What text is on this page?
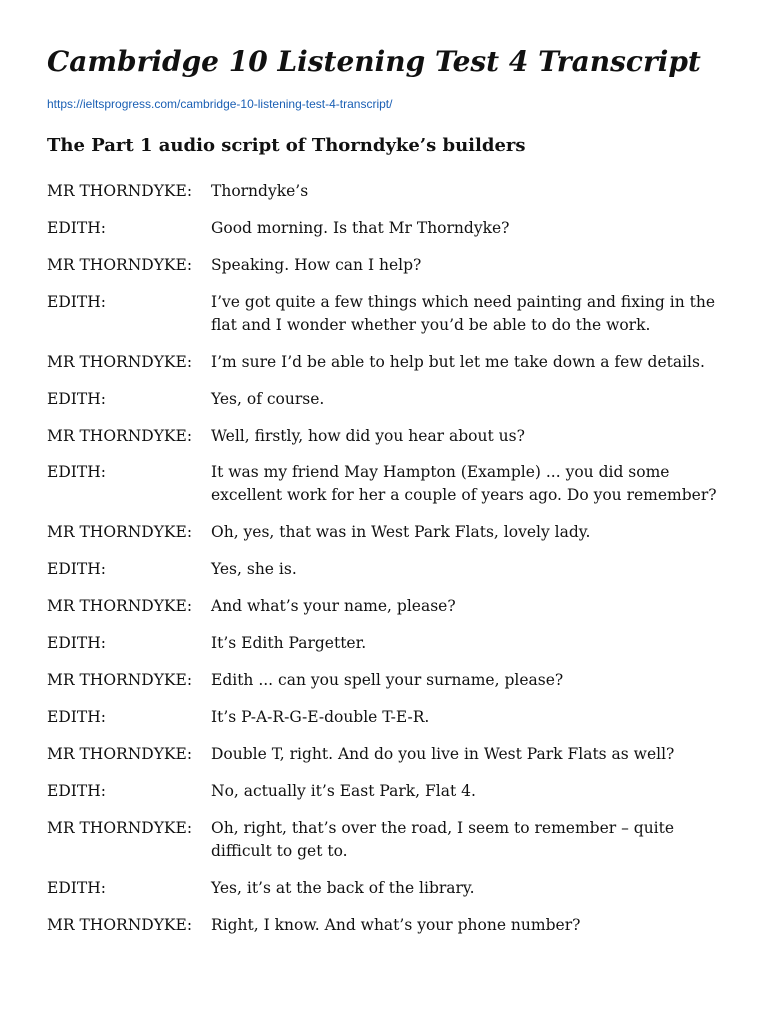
Cambridge 10 Listening Test 4 Transcript
https://ieltsprogress.com/cambridge-10-listening-test-4-transcript/
The Part 1 audio script of Thorndyke’s builders
MR THORNDYKE:	Thorndyke’s
EDITH:	Good morning. Is that Mr Thorndyke?
MR THORNDYKE:	Speaking. How can I help?
EDITH:	I’ve got quite a few things which need painting and fixing in the flat and I wonder whether you’d be able to do the work.
MR THORNDYKE:	I’m sure I’d be able to help but let me take down a few details.
EDITH:	Yes, of course.
MR THORNDYKE:	Well, firstly, how did you hear about us?
EDITH:	It was my friend May Hampton (Example) ... you did some excellent work for her a couple of years ago. Do you remember?
MR THORNDYKE:	Oh, yes, that was in West Park Flats, lovely lady.
EDITH:	Yes, she is.
MR THORNDYKE:	And what’s your name, please?
EDITH:	It’s Edith Pargetter.
MR THORNDYKE:	Edith ... can you spell your surname, please?
EDITH:	It’s P-A-R-G-E-double T-E-R.
MR THORNDYKE:	Double T, right. And do you live in West Park Flats as well?
EDITH:	No, actually it’s East Park, Flat 4.
MR THORNDYKE:	Oh, right, that’s over the road, I seem to remember – quite difficult to get to.
EDITH:	Yes, it’s at the back of the library.
MR THORNDYKE:	Right, I know. And what’s your phone number?
